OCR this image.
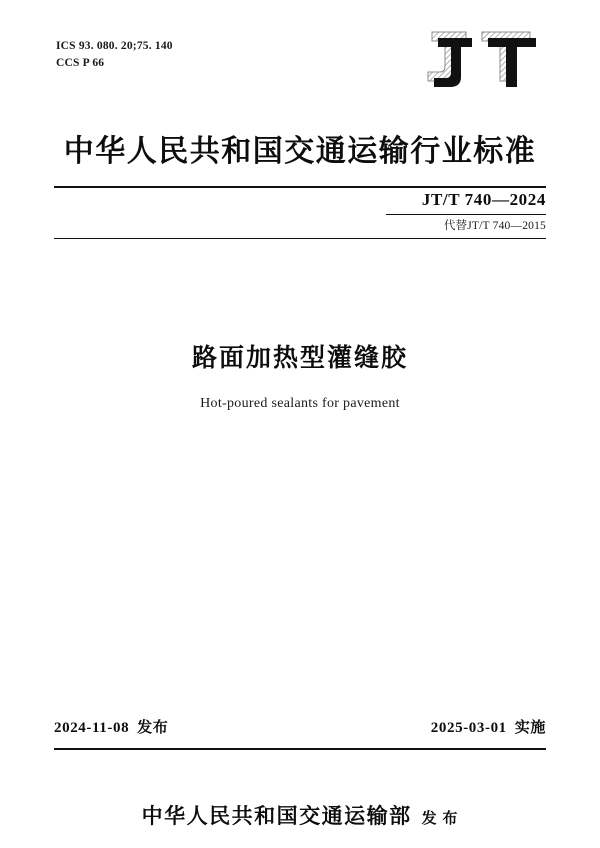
ICS 93. 080. 20;75. 140
CCS P 66
中华人民共和国交通运输行业标准
JT/T 740—2024
代替JT/T 740—2015
路面加热型灌缝胶
Hot-poured sealants for pavement
2024-11-08 发布	2025-03-01 实施
中华人民共和国交通运输部 发 布
